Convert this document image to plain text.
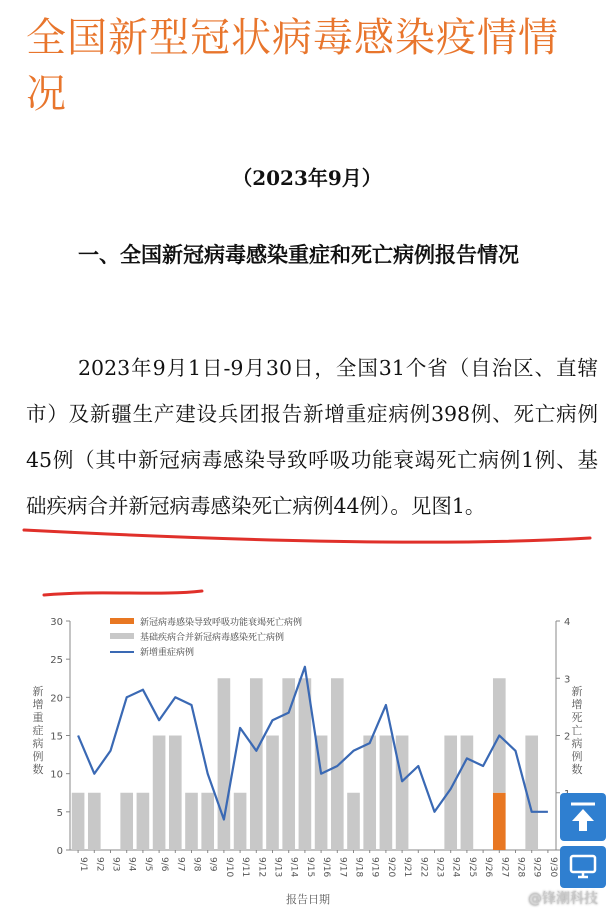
全国新型冠状病毒感染疫情情况
（2023年9月）
一、全国新冠病毒感染重症和死亡病例报告情况
2023年9月1日-9月30日，全国31个省（自治区、直辖市）及新疆生产建设兵团报告新增重症病例398例、死亡病例45例（其中新冠病毒感染导致呼吸功能衰竭死亡病例1例、基础疾病合并新冠病毒感染死亡病例44例）。见图1。
新冠病毒感染导致呼吸功能衰竭死亡病例
基础疾病合并新冠病毒感染死亡病例
新增重症病例
0
5
10
15
20
25
30
2
3
4
新
增
重
症
病
例
数
新
增
死
亡
病
例
数
9/1 9/2 9/3 9/4 9/5 9/6 9/7 9/8 9/9 9/10 9/11 9/12 9/13 9/14 9/15 9/16 9/17 9/18 9/19 9/20 9/21 9/22 9/23 9/24 9/25 9/26 9/27 9/28 9/29 9/30
报告日期	@锋潮科技
